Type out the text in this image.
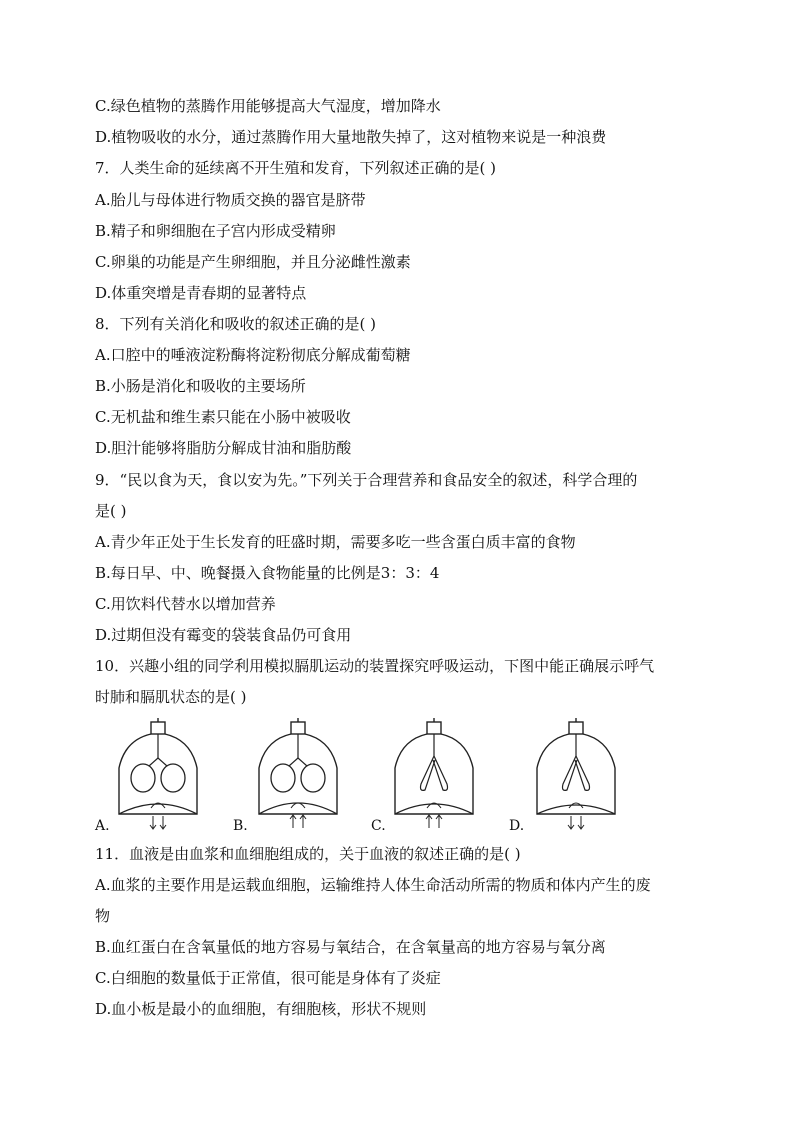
C.绿色植物的蒸腾作用能够提高大气湿度，增加降水
D.植物吸收的水分，通过蒸腾作用大量地散失掉了，这对植物来说是一种浪费
7．人类生命的延续离不开生殖和发育，下列叙述正确的是( )
A.胎儿与母体进行物质交换的器官是脐带
B.精子和卵细胞在子宫内形成受精卵
C.卵巢的功能是产生卵细胞，并且分泌雌性激素
D.体重突增是青春期的显著特点
8．下列有关消化和吸收的叙述正确的是( )
A.口腔中的唾液淀粉酶将淀粉彻底分解成葡萄糖
B.小肠是消化和吸收的主要场所
C.无机盐和维生素只能在小肠中被吸收
D.胆汁能够将脂肪分解成甘油和脂肪酸
9．“民以食为天，食以安为先。”下列关于合理营养和食品安全的叙述，科学合理的
是( )
A.青少年正处于生长发育的旺盛时期，需要多吃一些含蛋白质丰富的食物
B.每日早、中、晚餐摄入食物能量的比例是3：3：4
C.用饮料代替水以增加营养
D.过期但没有霉变的袋装食品仍可食用
10．兴趣小组的同学利用模拟膈肌运动的装置探究呼吸运动，下图中能正确展示呼气
时肺和膈肌状态的是( )
A.	B.	C.	D.
11．血液是由血浆和血细胞组成的，关于血液的叙述正确的是( )
A.血浆的主要作用是运载血细胞，运输维持人体生命活动所需的物质和体内产生的废
物
B.血红蛋白在含氧量低的地方容易与氧结合，在含氧量高的地方容易与氧分离
C.白细胞的数量低于正常值，很可能是身体有了炎症
D.血小板是最小的血细胞，有细胞核，形状不规则
